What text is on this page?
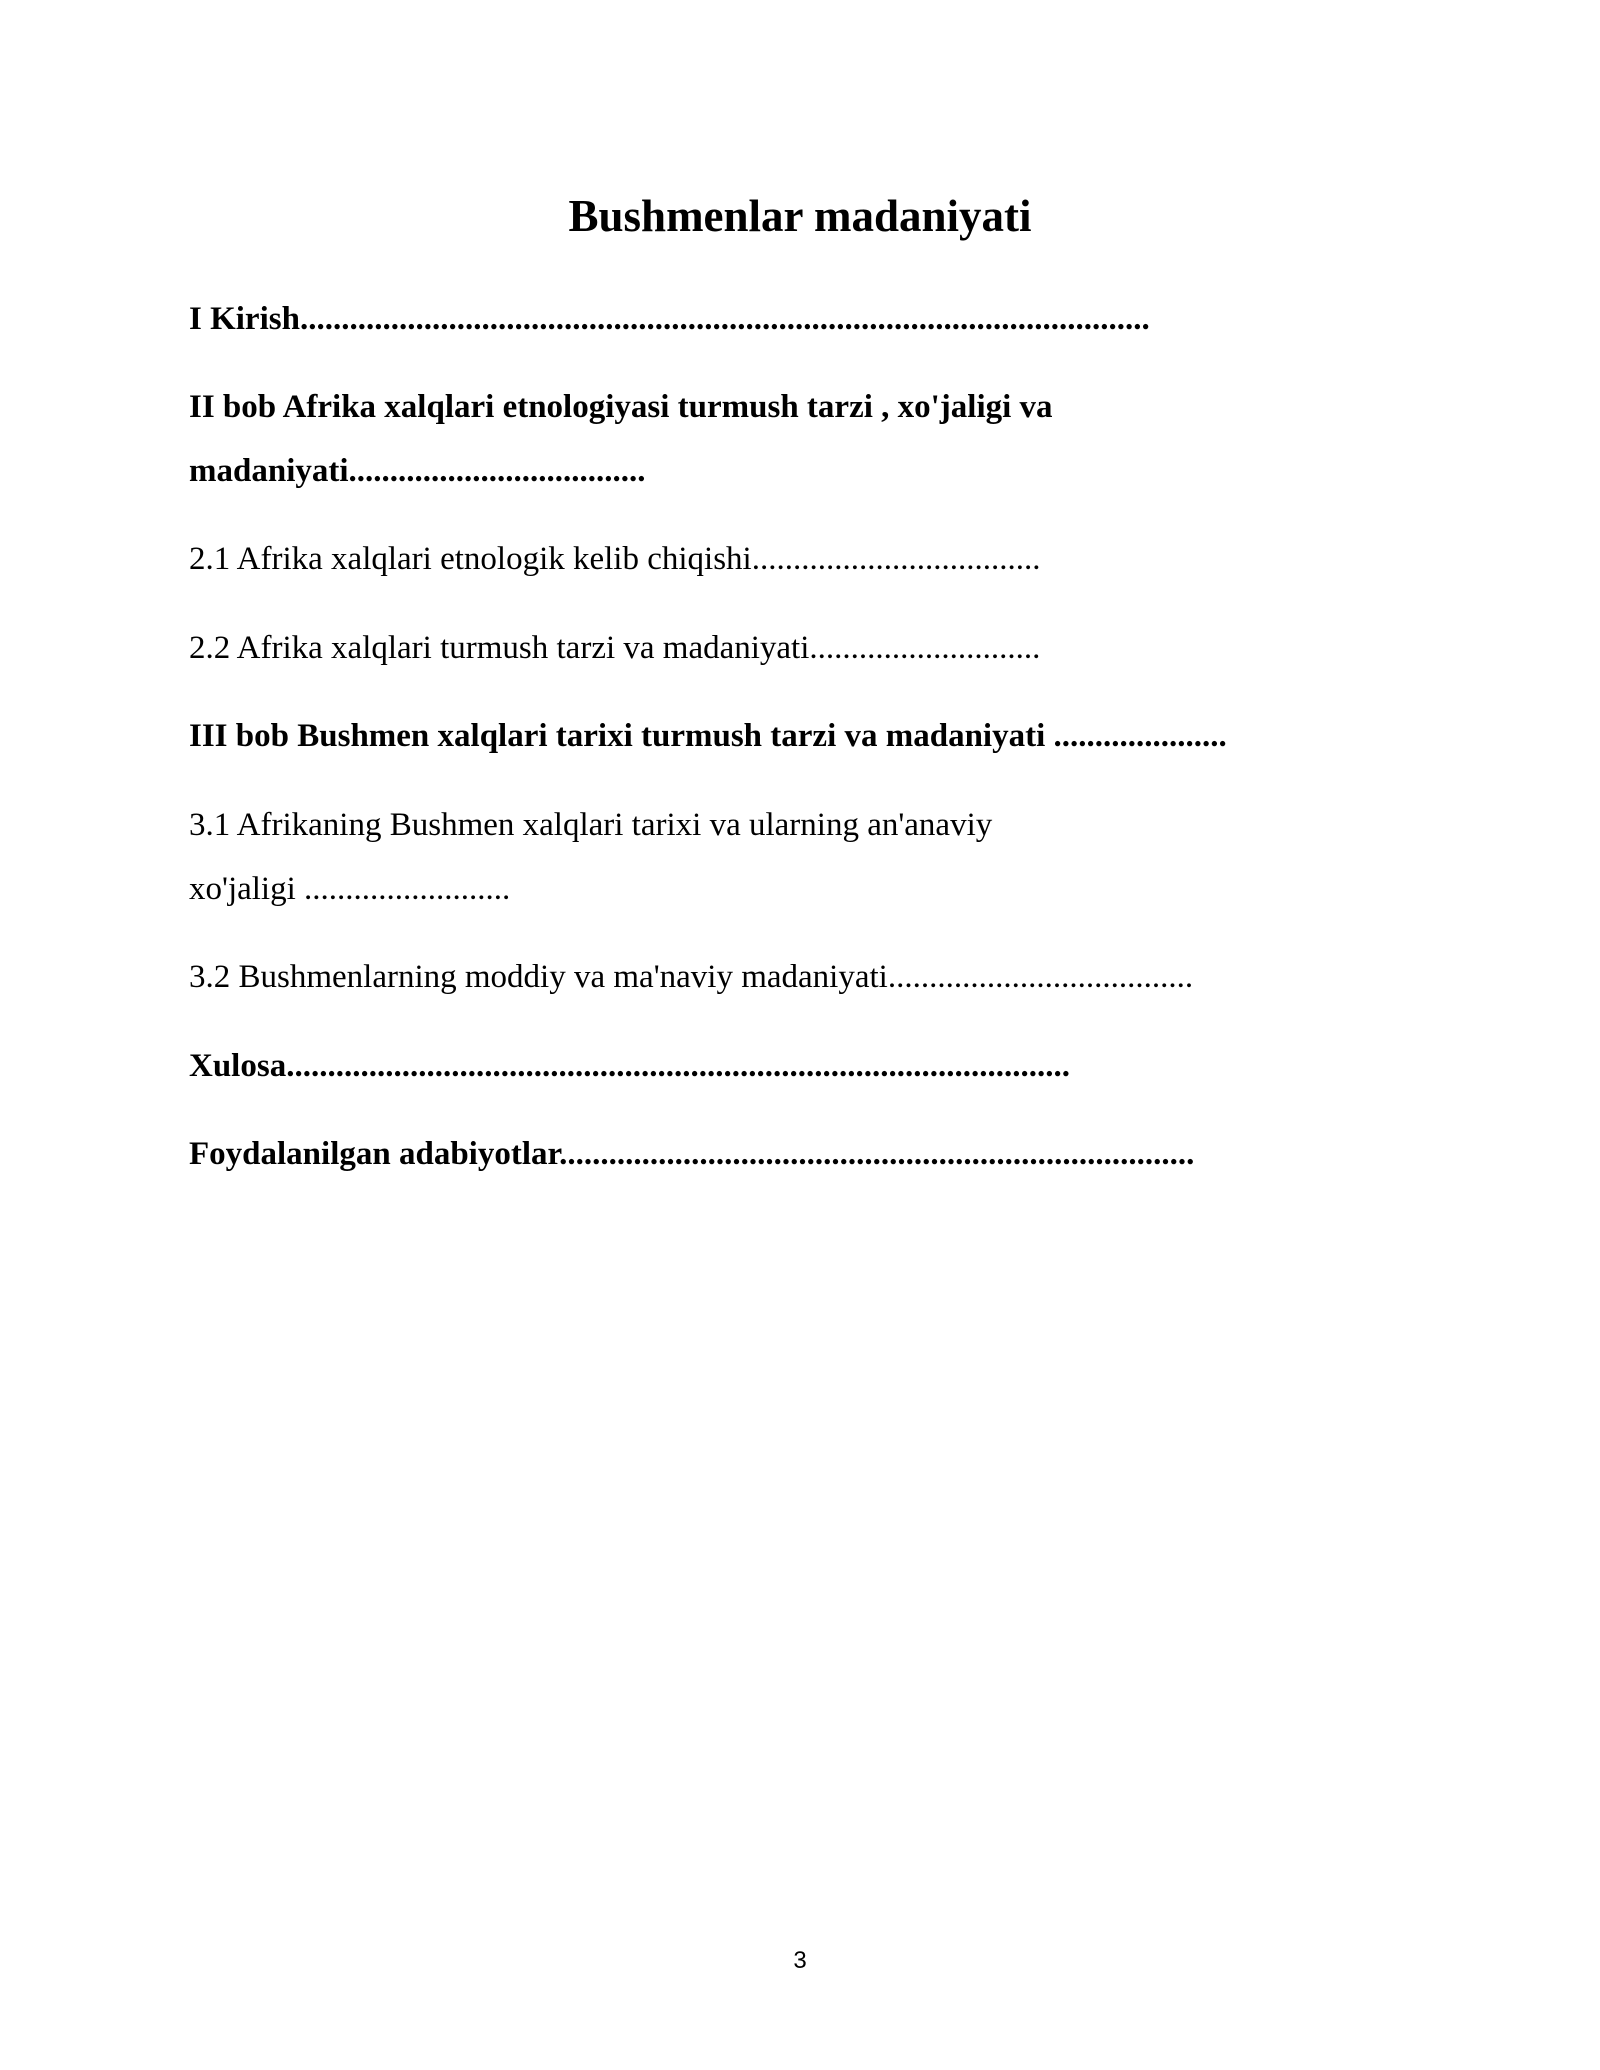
Bushmenlar madaniyati

I Kirish.......................................................................................................

II bob Afrika xalqlari etnologiyasi turmush tarzi , xo'jaligi va

madaniyati....................................

2.1 Afrika xalqlari etnologik kelib chiqishi...................................

2.2 Afrika xalqlari turmush tarzi va madaniyati............................

III bob Bushmen xalqlari tarixi turmush tarzi va madaniyati .....................

3.1 Afrikaning Bushmen xalqlari tarixi va ularning an'anaviy

xo'jaligi .........................

3.2 Bushmenlarning moddiy va ma'naviy madaniyati.....................................

Xulosa...............................................................................................

Foydalanilgan adabiyotlar.............................................................................

3
